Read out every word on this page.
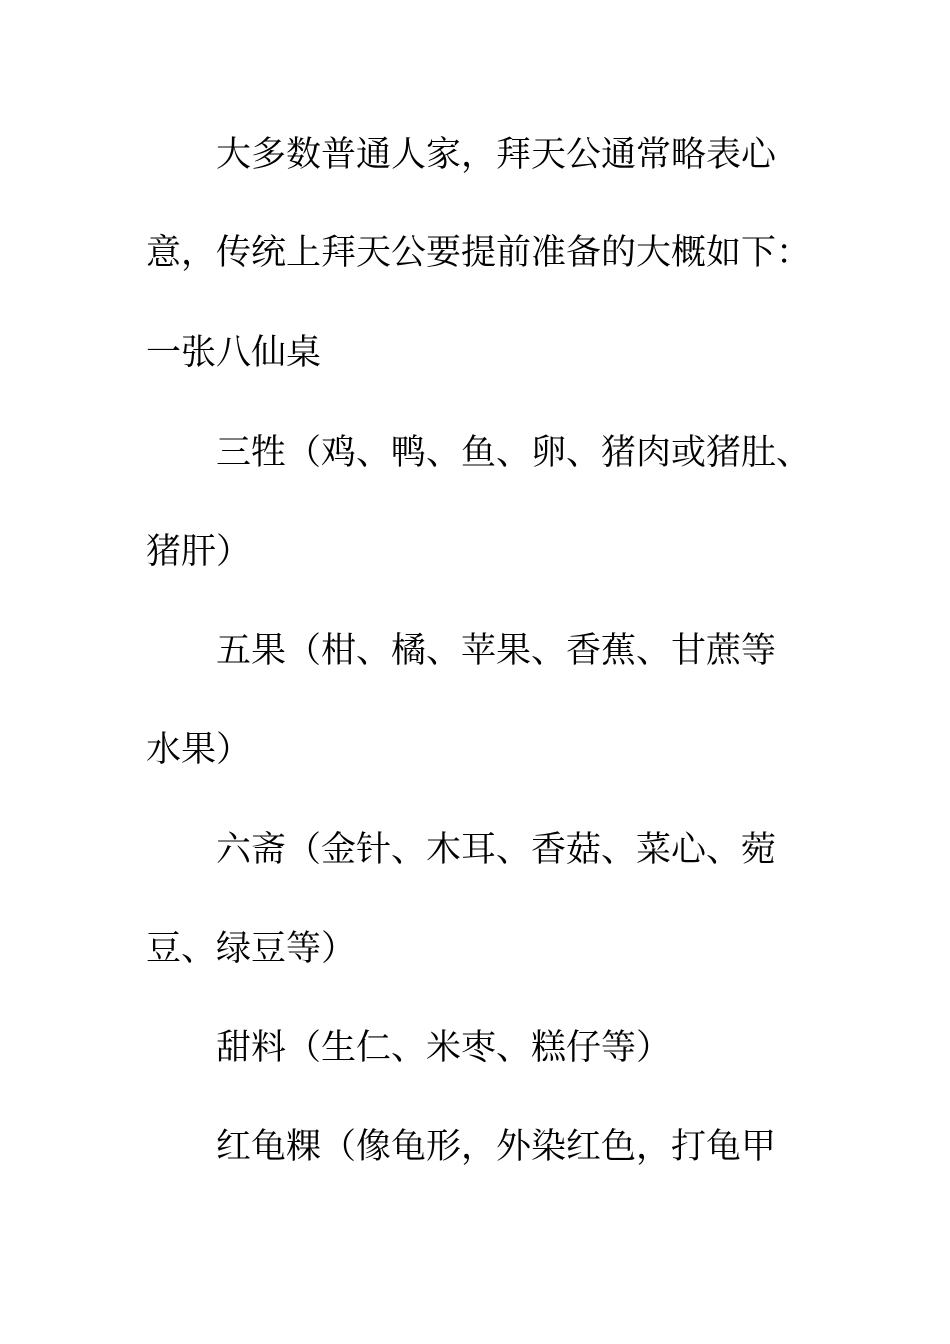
大多数普通人家，拜天公通常略表心
意，传统上拜天公要提前准备的大概如下：
一张八仙桌
三牲（鸡、鸭、鱼、卵、猪肉或猪肚、
猪肝）
五果（柑、橘、苹果、香蕉、甘蔗等
水果）
六斋（金针、木耳、香菇、菜心、菀
豆、绿豆等）
甜料（生仁、米枣、糕仔等）
红龟粿（像龟形，外染红色，打龟甲
